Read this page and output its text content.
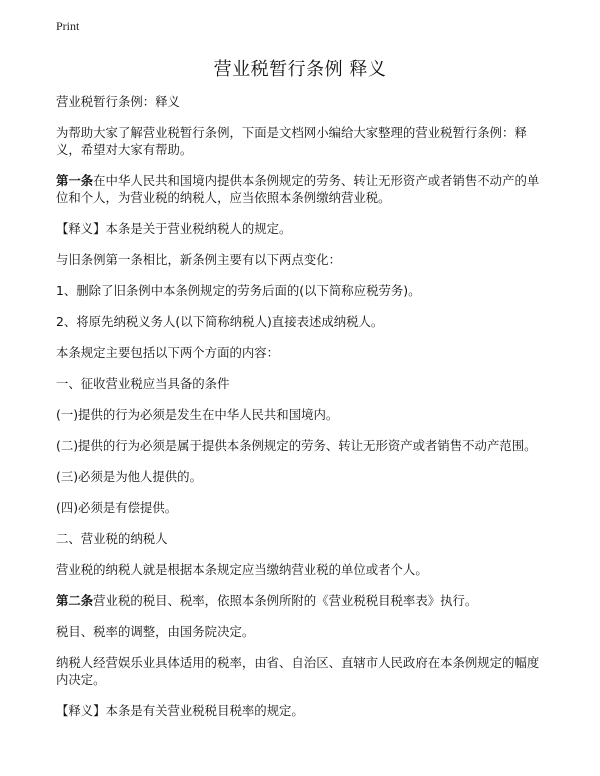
Print
营业税暂行条例 释义

营业税暂行条例：释义

为帮助大家了解营业税暂行条例，下面是文档网小编给大家整理的营业税暂行条例：释义，希望对大家有帮助。

第一条在中华人民共和国境内提供本条例规定的劳务、转让无形资产或者销售不动产的单位和个人，为营业税的纳税人，应当依照本条例缴纳营业税。

【释义】本条是关于营业税纳税人的规定。

与旧条例第一条相比，新条例主要有以下两点变化：

1、删除了旧条例中本条例规定的劳务后面的(以下简称应税劳务)。

2、将原先纳税义务人(以下简称纳税人)直接表述成纳税人。

本条规定主要包括以下两个方面的内容：

一、征收营业税应当具备的条件

(一)提供的行为必须是发生在中华人民共和国境内。

(二)提供的行为必须是属于提供本条例规定的劳务、转让无形资产或者销售不动产范围。

(三)必须是为他人提供的。

(四)必须是有偿提供。

二、营业税的纳税人

营业税的纳税人就是根据本条规定应当缴纳营业税的单位或者个人。

第二条营业税的税目、税率，依照本条例所附的《营业税税目税率表》执行。

税目、税率的调整，由国务院决定。

纳税人经营娱乐业具体适用的税率，由省、自治区、直辖市人民政府在本条例规定的幅度内决定。

【释义】本条是有关营业税税目税率的规定。
